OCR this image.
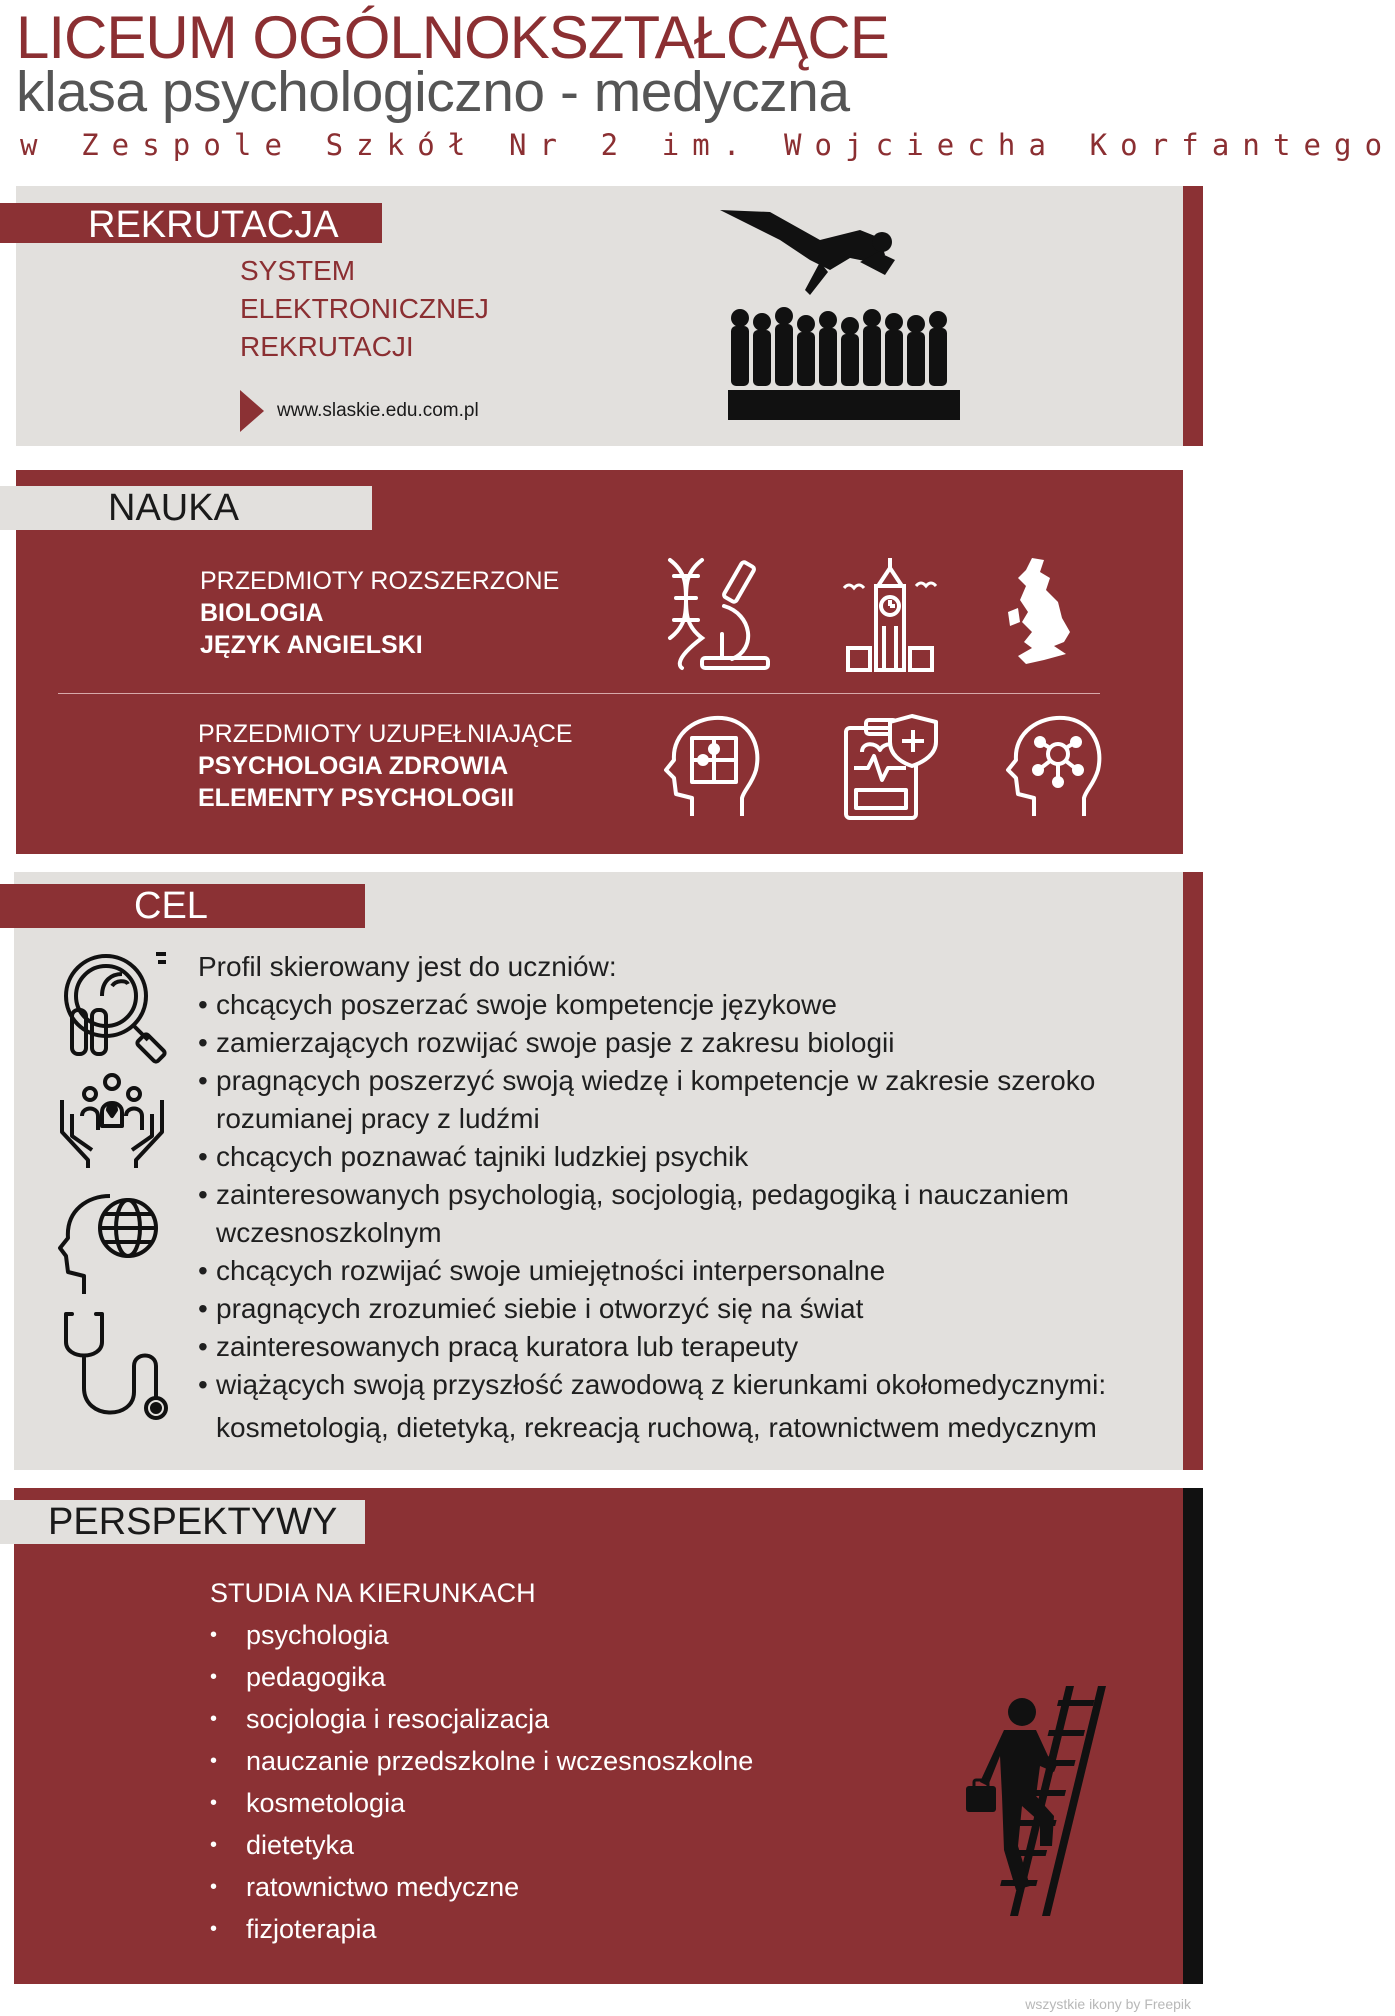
LICEUM OGÓLNOKSZTAŁCĄCE
klasa psychologiczno - medyczna
w Zespole Szkół Nr 2 im. Wojciecha Korfantego
REKRUTACJA
SYSTEM
ELEKTRONICZNEJ
REKRUTACJI
www.slaskie.edu.com.pl
NAUKA
PRZEDMIOTY ROZSZERZONE
BIOLOGIA
JĘZYK ANGIELSKI
PRZEDMIOTY UZUPEŁNIAJĄCE
PSYCHOLOGIA ZDROWIA
ELEMENTY PSYCHOLOGII
CEL
Profil skierowany jest do uczniów:
• chcących poszerzać swoje kompetencje językowe
• zamierzających rozwijać swoje pasje z zakresu biologii
• pragnących poszerzyć swoją wiedzę i kompetencje w zakresie szeroko
rozumianej pracy z ludźmi
• chcących poznawać tajniki ludzkiej psychik
• zainteresowanych psychologią, socjologią, pedagogiką i nauczaniem
wczesnoszkolnym
• chcących rozwijać swoje umiejętności interpersonalne
• pragnących zrozumieć siebie i otworzyć się na świat
• zainteresowanych pracą kuratora lub terapeuty
• wiążących swoją przyszłość zawodową z kierunkami okołomedycznymi:
kosmetologią, dietetyką, rekreacją ruchową, ratownictwem medycznym
PERSPEKTYWY
STUDIA NA KIERUNKACH
• psychologia
• pedagogika
• socjologia i resocjalizacja
• nauczanie przedszkolne i wczesnoszkolne
• kosmetologia
• dietetyka
• ratownictwo medyczne
• fizjoterapia
wszystkie ikony by Freepik
